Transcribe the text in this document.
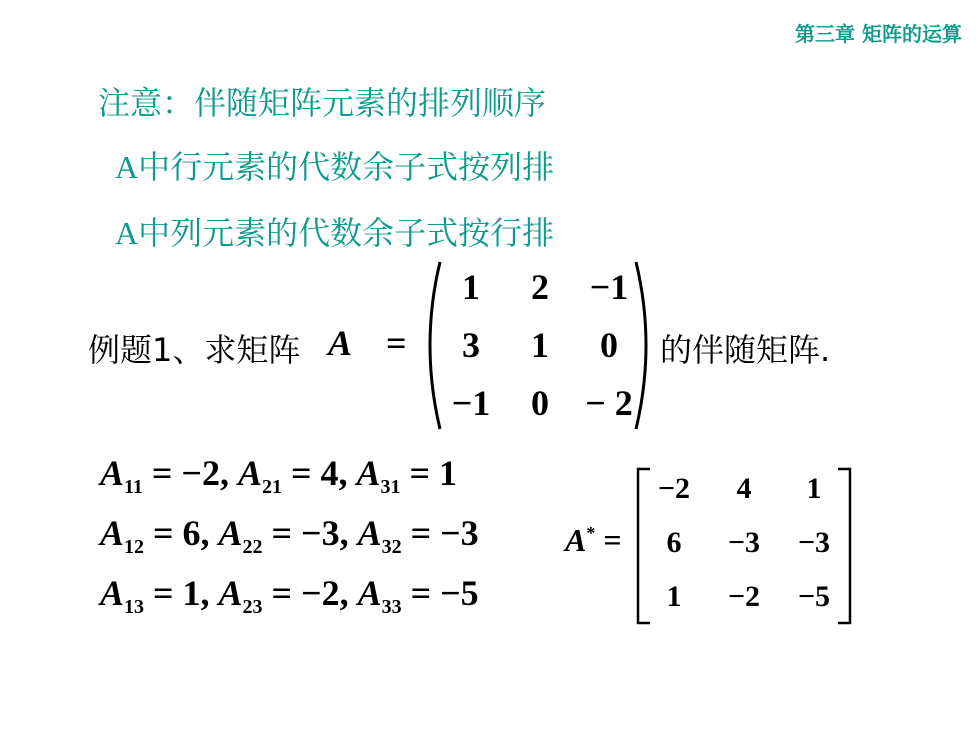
第三章 矩阵的运算
注意：伴随矩阵元素的排列顺序
A中行元素的代数余子式按列排
A中列元素的代数余子式按行排
例题1、求矩阵 A =
1	2	−1
3	1	0
−1	0	− 2
的伴随矩阵.
$A_{11} = -2$, $A_{21} = 4$, $A_{31} = 1$
$A_{12} = 6$, $A_{22} = -3$, $A_{32} = -3$
$A_{13} = 1$, $A_{23} = -2$, $A_{33} = -5$
A* =
−2	4	1
6	−3	−3
1	−2	−5
